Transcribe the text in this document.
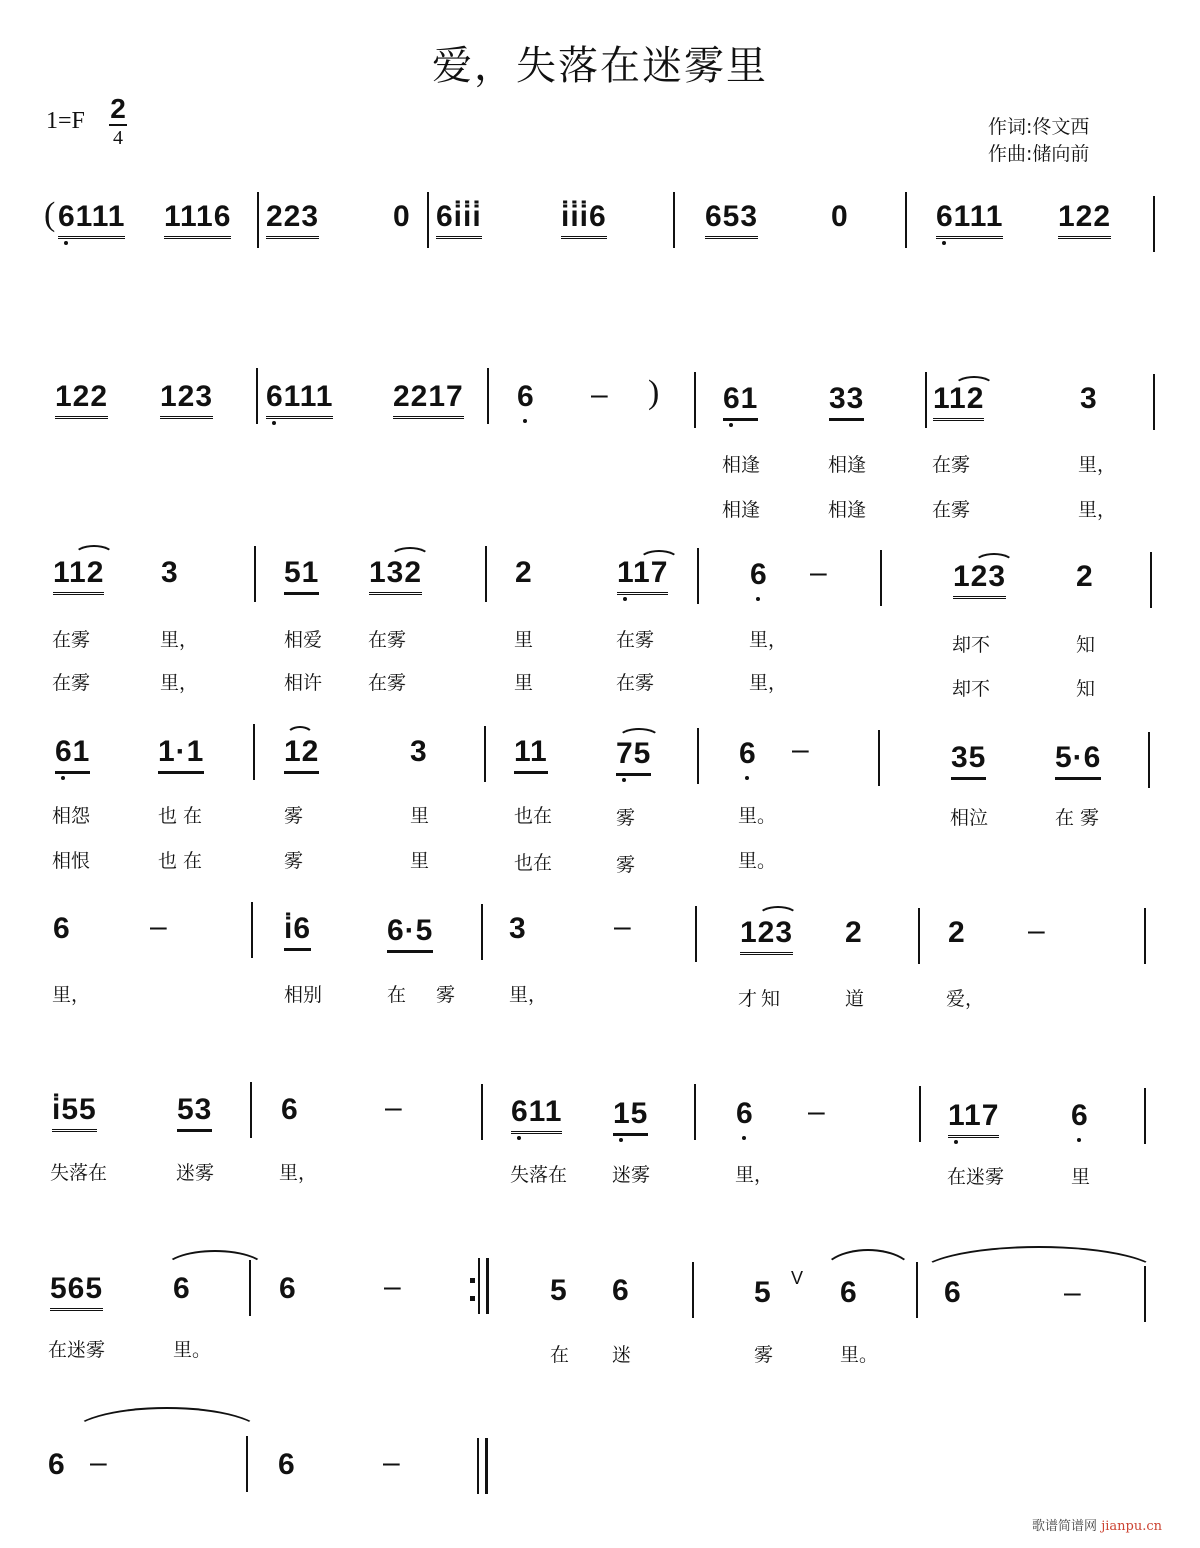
爱，失落在迷雾里
1=F 2
4	作词:佟文西
作曲:储向前
( 6111 1116 223 0 6i̇i̇i̇	i̇i̇i̇6	653 0	6111 122
122 123 6111 2217 6 – ) 61 33 112	3
相逢	相逢	在雾	里，
相逢	相逢	在雾	里，
112 3	51 132	2	117	6 –	123 2
在雾	里，	相爱 在雾	里	在雾	里，	却不	知
在雾	里，	相许 在雾	里	在雾	里，	却不	知
61 1·1	12	3	11 75	6 –	35 5·6
相怨	也 在	雾	里	也在	雾	里。	相泣	在 雾
相恨	也 在	雾	里	也在	雾	里。
6	–	i̇6	6·5	3	–	123 2	2 –
里，	相别	在 雾 里，	才知	道	爱，
i̇55	53 6	–	611 15	6 –	117 6
失落在	迷雾	里，	失落在 迷雾	里，	在迷雾	里
565 6	6	–	5 6	5 V 6	6	–
在迷雾	里。	在 迷	雾	里。
6 –	6	–
歌谱简谱网 jianpu.cn
